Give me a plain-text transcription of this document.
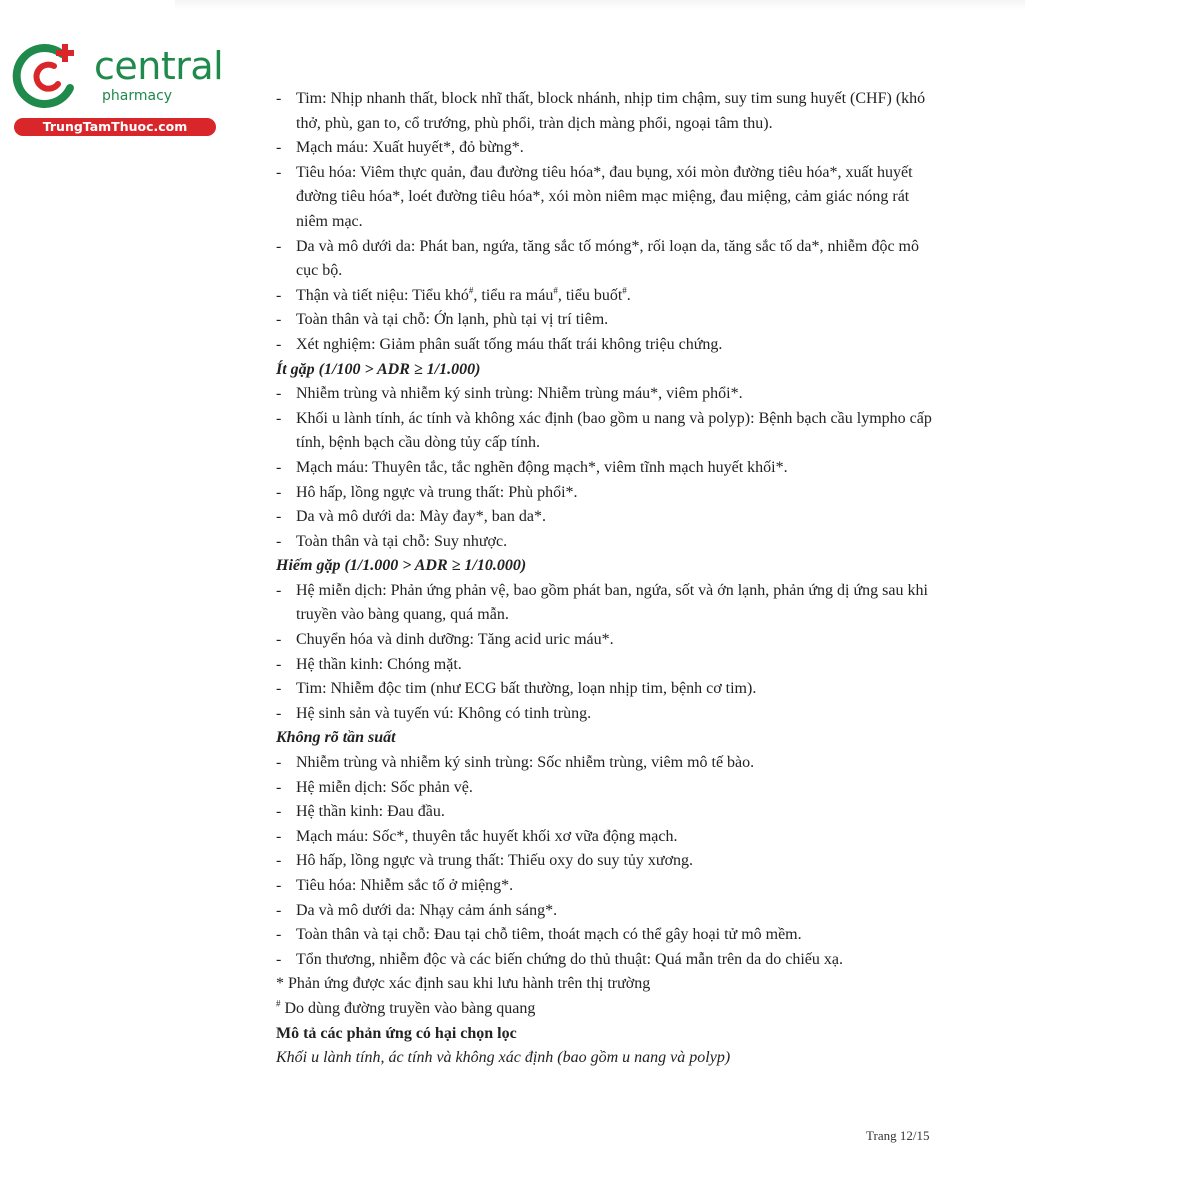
central
pharmacy
TrungTamThuoc.com
- Tim: Nhịp nhanh thất, block nhĩ thất, block nhánh, nhịp tim chậm, suy tim sung huyết (CHF) (khó thở, phù, gan to, cổ trướng, phù phổi, tràn dịch màng phổi, ngoại tâm thu).
- Mạch máu: Xuất huyết*, đỏ bừng*.
- Tiêu hóa: Viêm thực quản, đau đường tiêu hóa*, đau bụng, xói mòn đường tiêu hóa*, xuất huyết đường tiêu hóa*, loét đường tiêu hóa*, xói mòn niêm mạc miệng, đau miệng, cảm giác nóng rát niêm mạc.
- Da và mô dưới da: Phát ban, ngứa, tăng sắc tố móng*, rối loạn da, tăng sắc tố da*, nhiễm độc mô cục bộ.
- Thận và tiết niệu: Tiểu khó#, tiểu ra máu#, tiểu buốt#.
- Toàn thân và tại chỗ: Ớn lạnh, phù tại vị trí tiêm.
- Xét nghiệm: Giảm phân suất tống máu thất trái không triệu chứng.
Ít gặp (1/100 > ADR ≥ 1/1.000)
- Nhiễm trùng và nhiễm ký sinh trùng: Nhiễm trùng máu*, viêm phổi*.
- Khối u lành tính, ác tính và không xác định (bao gồm u nang và polyp): Bệnh bạch cầu lympho cấp tính, bệnh bạch cầu dòng tủy cấp tính.
- Mạch máu: Thuyên tắc, tắc nghẽn động mạch*, viêm tĩnh mạch huyết khối*.
- Hô hấp, lồng ngực và trung thất: Phù phổi*.
- Da và mô dưới da: Mày đay*, ban da*.
- Toàn thân và tại chỗ: Suy nhược.
Hiếm gặp (1/1.000 > ADR ≥ 1/10.000)
- Hệ miễn dịch: Phản ứng phản vệ, bao gồm phát ban, ngứa, sốt và ớn lạnh, phản ứng dị ứng sau khi truyền vào bàng quang, quá mẫn.
- Chuyển hóa và dinh dưỡng: Tăng acid uric máu*.
- Hệ thần kinh: Chóng mặt.
- Tim: Nhiễm độc tim (như ECG bất thường, loạn nhịp tim, bệnh cơ tim).
- Hệ sinh sản và tuyến vú: Không có tinh trùng.
Không rõ tần suất
- Nhiễm trùng và nhiễm ký sinh trùng: Sốc nhiễm trùng, viêm mô tế bào.
- Hệ miễn dịch: Sốc phản vệ.
- Hệ thần kinh: Đau đầu.
- Mạch máu: Sốc*, thuyên tắc huyết khối xơ vữa động mạch.
- Hô hấp, lồng ngực và trung thất: Thiếu oxy do suy tủy xương.
- Tiêu hóa: Nhiễm sắc tố ở miệng*.
- Da và mô dưới da: Nhạy cảm ánh sáng*.
- Toàn thân và tại chỗ: Đau tại chỗ tiêm, thoát mạch có thể gây hoại tử mô mềm.
- Tổn thương, nhiễm độc và các biến chứng do thủ thuật: Quá mẫn trên da do chiếu xạ.
* Phản ứng được xác định sau khi lưu hành trên thị trường
# Do dùng đường truyền vào bàng quang
Mô tả các phản ứng có hại chọn lọc
Khối u lành tính, ác tính và không xác định (bao gồm u nang và polyp)
Trang 12/15
